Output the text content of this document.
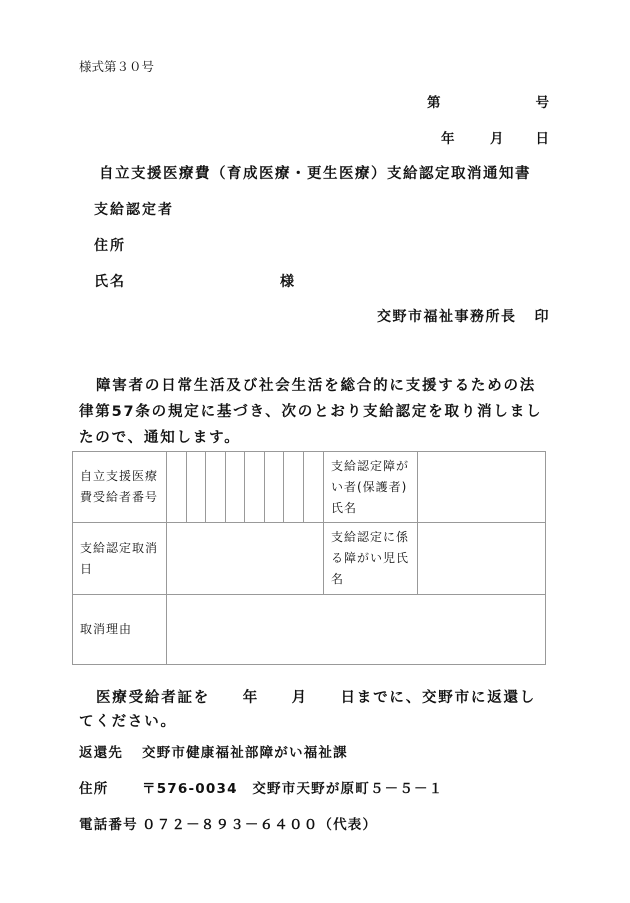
様式第３０号
第	号
年	月 日
自立支援医療費（育成医療・更生医療）支給認定取消通知書
支給認定者
住所
氏名	様
交野市福祉事務所長 印
障害者の日常生活及び社会生活を総合的に支援するための法律第57条の規定に基づき、次のとおり支給認定を取り消しましたので、通知します。
自立支援医療費受給者番号									支給認定障がい者(保護者)氏名	
支給認定取消日									支給認定に係る障がい児氏名	
取消理由										
医療受給者証を　　年　　月　　日までに、交野市に返還してください。
返還先 交野市健康福祉部障がい福祉課
住所 〒576-0034　交野市天野が原町５－５－１
電話番号 ０７２－８９３－６４００（代表）
